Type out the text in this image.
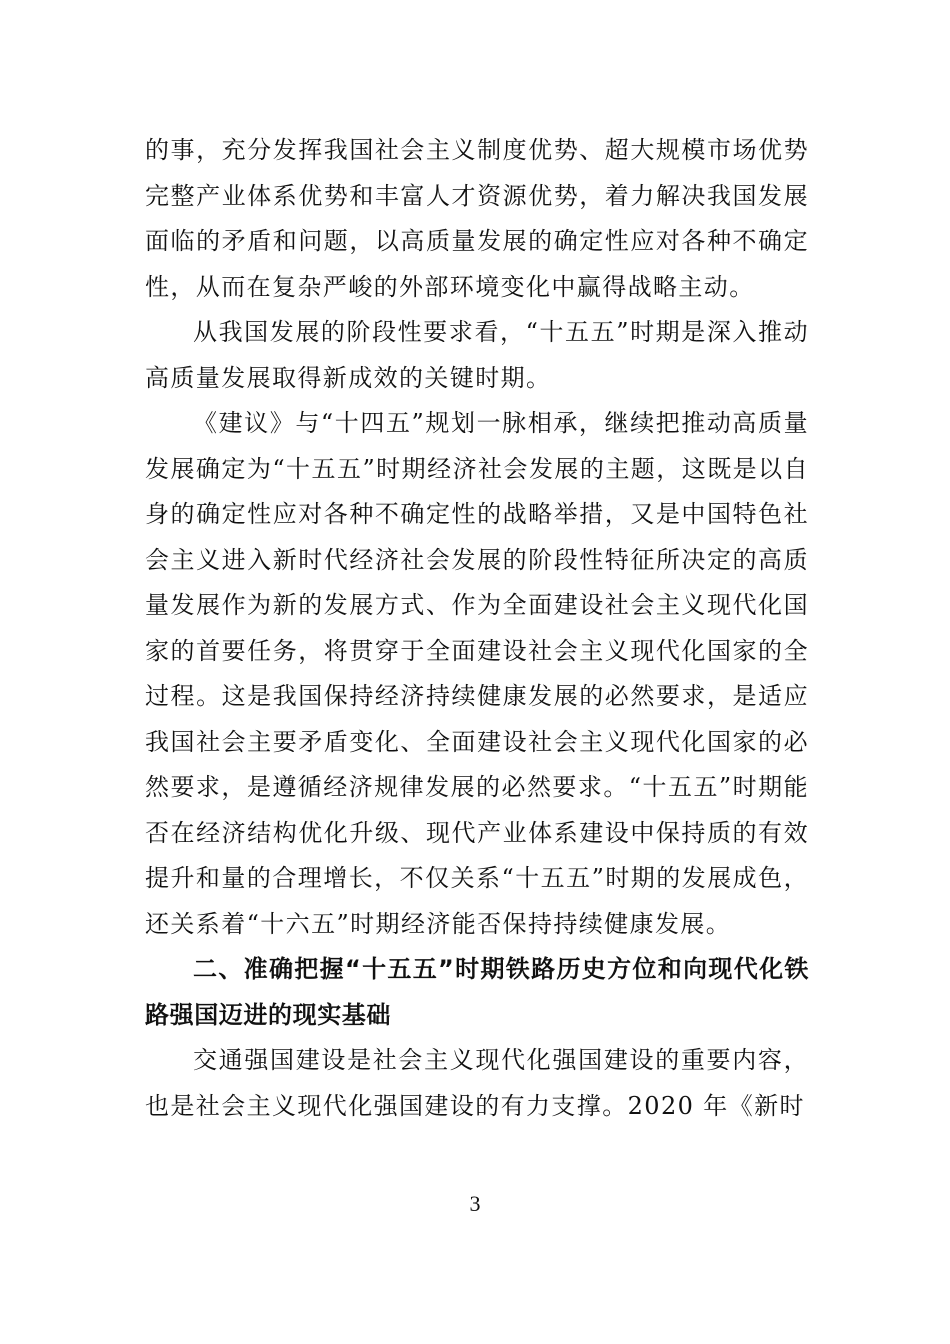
的事，充分发挥我国社会主义制度优势、超大规模市场优势完整产业体系优势和丰富人才资源优势，着力解决我国发展面临的矛盾和问题，以高质量发展的确定性应对各种不确定性，从而在复杂严峻的外部环境变化中赢得战略主动。

从我国发展的阶段性要求看，“十五五”时期是深入推动高质量发展取得新成效的关键时期。

《建议》与“十四五”规划一脉相承，继续把推动高质量发展确定为“十五五”时期经济社会发展的主题，这既是以自身的确定性应对各种不确定性的战略举措，又是中国特色社会主义进入新时代经济社会发展的阶段性特征所决定的高质量发展作为新的发展方式、作为全面建设社会主义现代化国家的首要任务，将贯穿于全面建设社会主义现代化国家的全过程。这是我国保持经济持续健康发展的必然要求，是适应我国社会主要矛盾变化、全面建设社会主义现代化国家的必然要求，是遵循经济规律发展的必然要求。“十五五”时期能否在经济结构优化升级、现代产业体系建设中保持质的有效提升和量的合理增长，不仅关系“十五五”时期的发展成色，还关系着“十六五”时期经济能否保持持续健康发展。

二、准确把握“十五五”时期铁路历史方位和向现代化铁路强国迈进的现实基础

交通强国建设是社会主义现代化强国建设的重要内容，也是社会主义现代化强国建设的有力支撑。2020 年《新时

3
